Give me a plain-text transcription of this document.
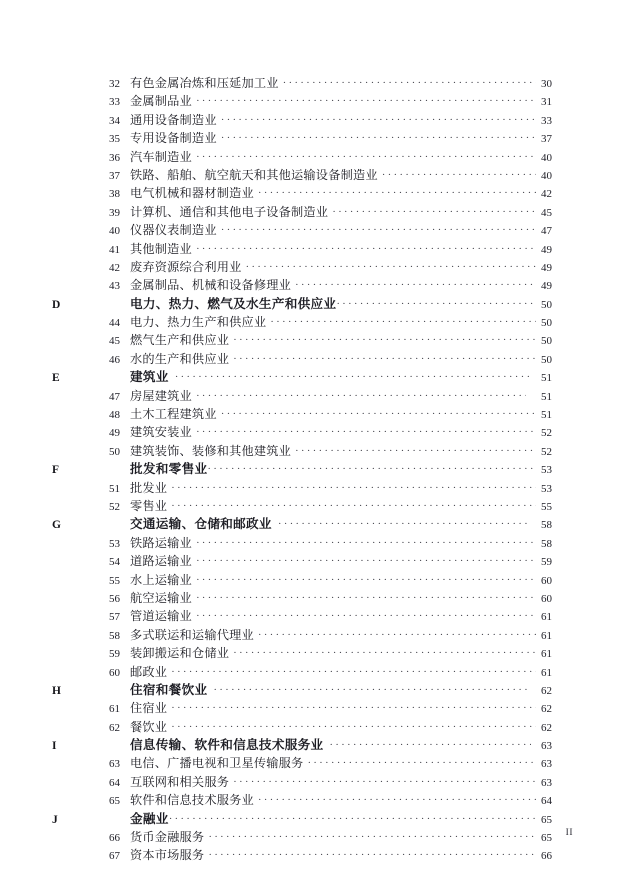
32 有色金属冶炼和压延加工业 ·····	30
33 金属制品业 ·····	31
34 通用设备制造业 ·····	33
35 专用设备制造业 ·····	37
36 汽车制造业 ·····	40
37 铁路、船舶、航空航天和其他运输设备制造业 ·····	40
38 电气机械和器材制造业 ·····	42
39 计算机、通信和其他电子设备制造业 ·····	45
40 仪器仪表制造业 ·····	47
41 其他制造业 ·····	49
42 废弃资源综合利用业 ·····	49
43 金属制品、机械和设备修理业 ·····	49
D	电力、热力、燃气及水生产和供应业 ·····	50
44 电力、热力生产和供应业 ·····	50
45 燃气生产和供应业 ·····	50
46 水的生产和供应业 ·····	50
E	建筑业 ·····	51
47 房屋建筑业 ·····	51
48 土木工程建筑业 ·····	51
49 建筑安装业 ·····	52
50 建筑装饰、装修和其他建筑业 ·····	52
F	批发和零售业 ·····	53
51 批发业 ·····	53
52 零售业 ·····	55
G	交通运输、仓储和邮政业 ·····	58
53 铁路运输业 ·····	58
54 道路运输业 ·····	59
55 水上运输业 ·····	60
56 航空运输业 ·····	60
57 管道运输业 ·····	61
58 多式联运和运输代理业 ·····	61
59 装卸搬运和仓储业 ·····	61
60 邮政业 ·····	61
H	住宿和餐饮业 ·····	62
61 住宿业 ·····	62
62 餐饮业 ·····	62
I	信息传输、软件和信息技术服务业 ·····	63
63 电信、广播电视和卫星传输服务 ·····	63
64 互联网和相关服务 ·····	63
65 软件和信息技术服务业 ·····	64
J	金融业 ·····	65
66 货币金融服务 ·····	65
67 资本市场服务 ·····	66
II
